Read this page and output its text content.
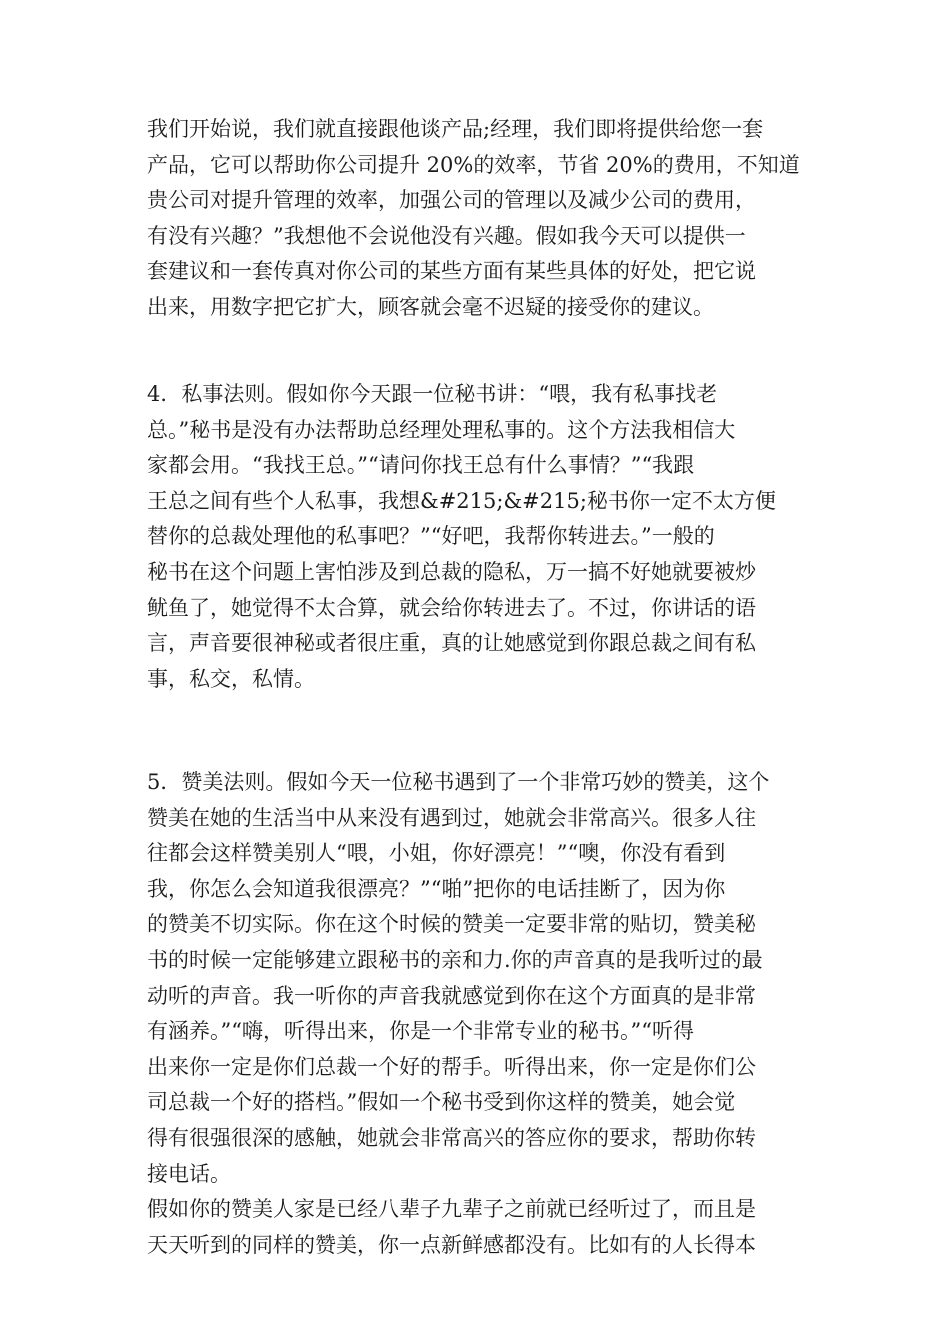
我们开始说，我们就直接跟他谈产品;经理，我们即将提供给您一套
产品，它可以帮助你公司提升 20%的效率，节省 20%的费用，不知道
贵公司对提升管理的效率，加强公司的管理以及减少公司的费用，
有没有兴趣？”我想他不会说他没有兴趣。假如我今天可以提供一
套建议和一套传真对你公司的某些方面有某些具体的好处，把它说
出来，用数字把它扩大，顾客就会毫不迟疑的接受你的建议。
4．私事法则。假如你今天跟一位秘书讲：“喂，我有私事找老
总。”秘书是没有办法帮助总经理处理私事的。这个方法我相信大
家都会用。“我找王总。”“请问你找王总有什么事情？”“我跟
王总之间有些个人私事，我想&#215;&#215;秘书你一定不太方便
替你的总裁处理他的私事吧？”“好吧，我帮你转进去。”一般的
秘书在这个问题上害怕涉及到总裁的隐私，万一搞不好她就要被炒
鱿鱼了，她觉得不太合算，就会给你转进去了。不过，你讲话的语
言，声音要很神秘或者很庄重，真的让她感觉到你跟总裁之间有私
事，私交，私情。
5．赞美法则。假如今天一位秘书遇到了一个非常巧妙的赞美，这个
赞美在她的生活当中从来没有遇到过，她就会非常高兴。很多人往
往都会这样赞美别人“喂，小姐，你好漂亮！”“噢，你没有看到
我，你怎么会知道我很漂亮？”“啪”把你的电话挂断了，因为你
的赞美不切实际。你在这个时候的赞美一定要非常的贴切，赞美秘
书的时候一定能够建立跟秘书的亲和力.你的声音真的是我听过的最
动听的声音。我一听你的声音我就感觉到你在这个方面真的是非常
有涵养。”“嗨，听得出来，你是一个非常专业的秘书。”“听得
出来你一定是你们总裁一个好的帮手。听得出来，你一定是你们公
司总裁一个好的搭档。”假如一个秘书受到你这样的赞美，她会觉
得有很强很深的感触，她就会非常高兴的答应你的要求，帮助你转
接电话。
假如你的赞美人家是已经八辈子九辈子之前就已经听过了，而且是
天天听到的同样的赞美，你一点新鲜感都没有。比如有的人长得本
